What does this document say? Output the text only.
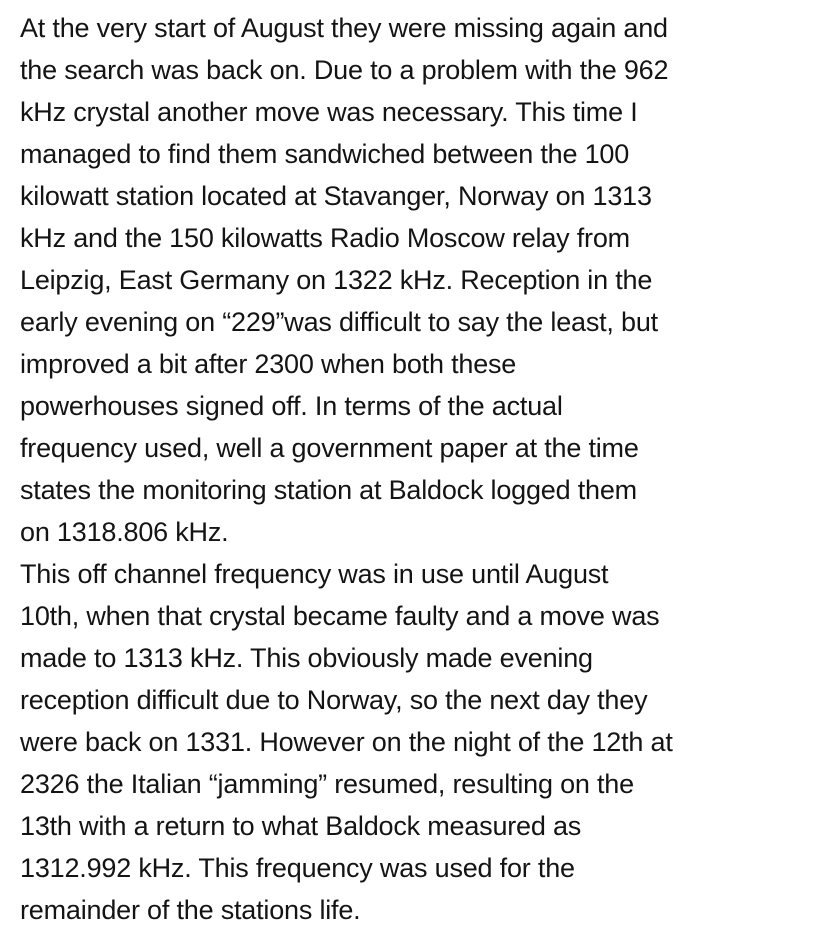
At the very start of August they were missing again and
the search was back on. Due to a problem with the 962
kHz crystal another move was necessary. This time I
managed to find them sandwiched between the 100
kilowatt station located at Stavanger, Norway on 1313
kHz and the 150 kilowatts Radio Moscow relay from
Leipzig, East Germany on 1322 kHz. Reception in the
early evening on “229”was difficult to say the least, but
improved a bit after 2300 when both these
powerhouses signed off. In terms of the actual
frequency used, well a government paper at the time
states the monitoring station at Baldock logged them
on 1318.806 kHz.

This off channel frequency was in use until August
10th, when that crystal became faulty and a move was
made to 1313 kHz. This obviously made evening
reception difficult due to Norway, so the next day they
were back on 1331. However on the night of the 12th at
2326 the Italian “jamming” resumed, resulting on the
13th with a return to what Baldock measured as
1312.992 kHz. This frequency was used for the
remainder of the stations life.
